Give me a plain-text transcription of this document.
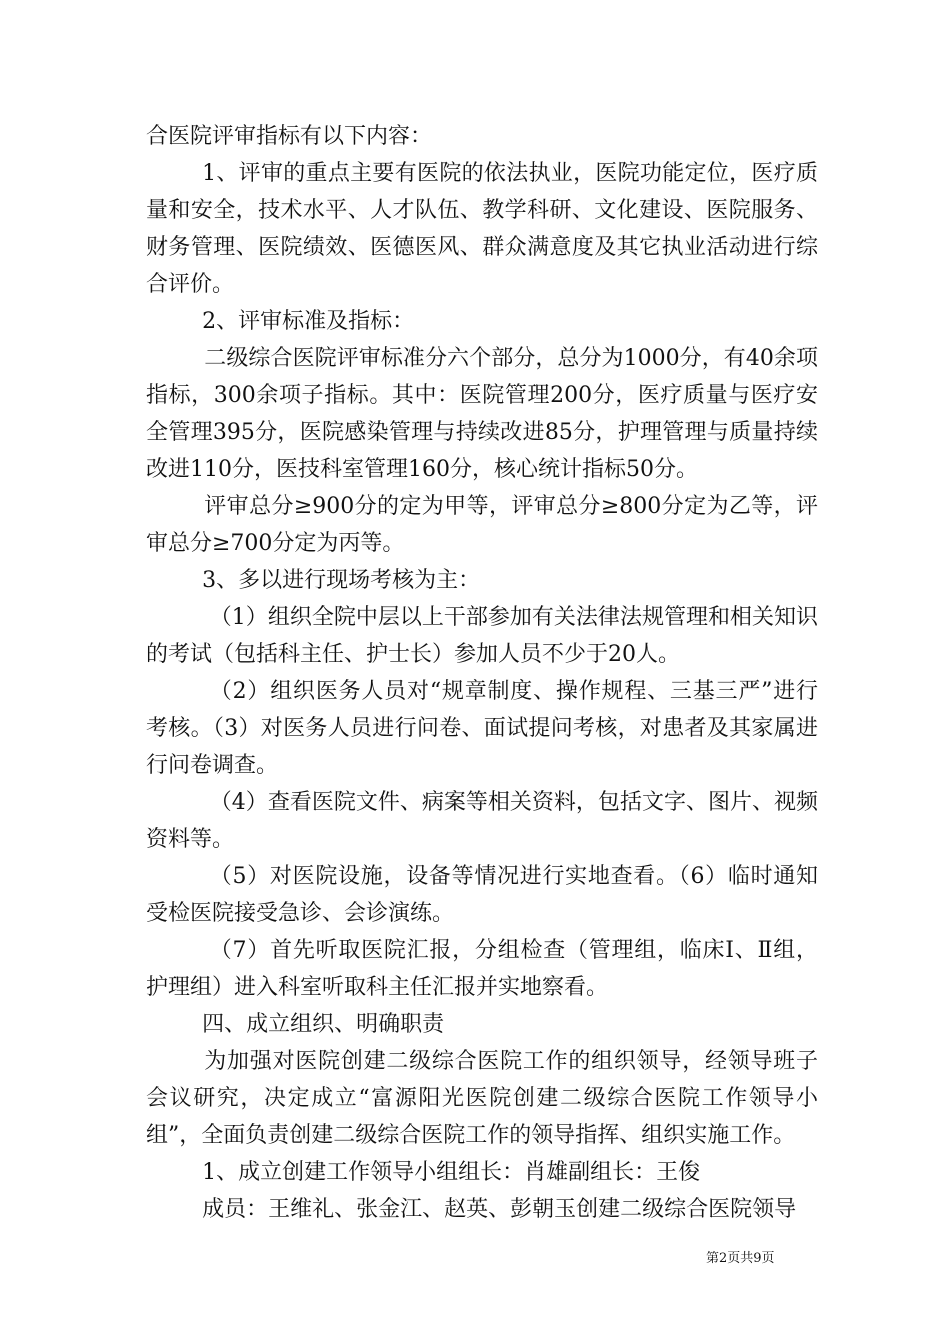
合医院评审指标有以下内容：

1、评审的重点主要有医院的依法执业，医院功能定位，医疗质量和安全，技术水平、人才队伍、教学科研、文化建设、医院服务、财务管理、医院绩效、医德医风、群众满意度及其它执业活动进行综合评价。

2、评审标准及指标：

二级综合医院评审标准分六个部分，总分为1000分，有40余项指标，300余项子指标。其中：医院管理200分，医疗质量与医疗安全管理395分，医院感染管理与持续改进85分，护理管理与质量持续改进110分，医技科室管理160分，核心统计指标50分。

评审总分≥900分的定为甲等，评审总分≥800分定为乙等，评审总分≥700分定为丙等。

3、多以进行现场考核为主：

（1）组织全院中层以上干部参加有关法律法规管理和相关知识的考试（包括科主任、护士长）参加人员不少于20人。

（2）组织医务人员对“规章制度、操作规程、三基三严”进行考核。（3）对医务人员进行问卷、面试提问考核，对患者及其家属进行问卷调查。

（4）查看医院文件、病案等相关资料，包括文字、图片、视频资料等。

（5）对医院设施，设备等情况进行实地查看。（6）临时通知受检医院接受急诊、会诊演练。

（7）首先听取医院汇报，分组检查（管理组，临床Ⅰ、Ⅱ组，护理组）进入科室听取科主任汇报并实地察看。

四、成立组织、明确职责

为加强对医院创建二级综合医院工作的组织领导，经领导班子会议研究，决定成立“富源阳光医院创建二级综合医院工作领导小组”，全面负责创建二级综合医院工作的领导指挥、组织实施工作。

1、成立创建工作领导小组组长：肖雄副组长：王俊

成员：王维礼、张金江、赵英、彭朝玉创建二级综合医院领导

第2页共9页
